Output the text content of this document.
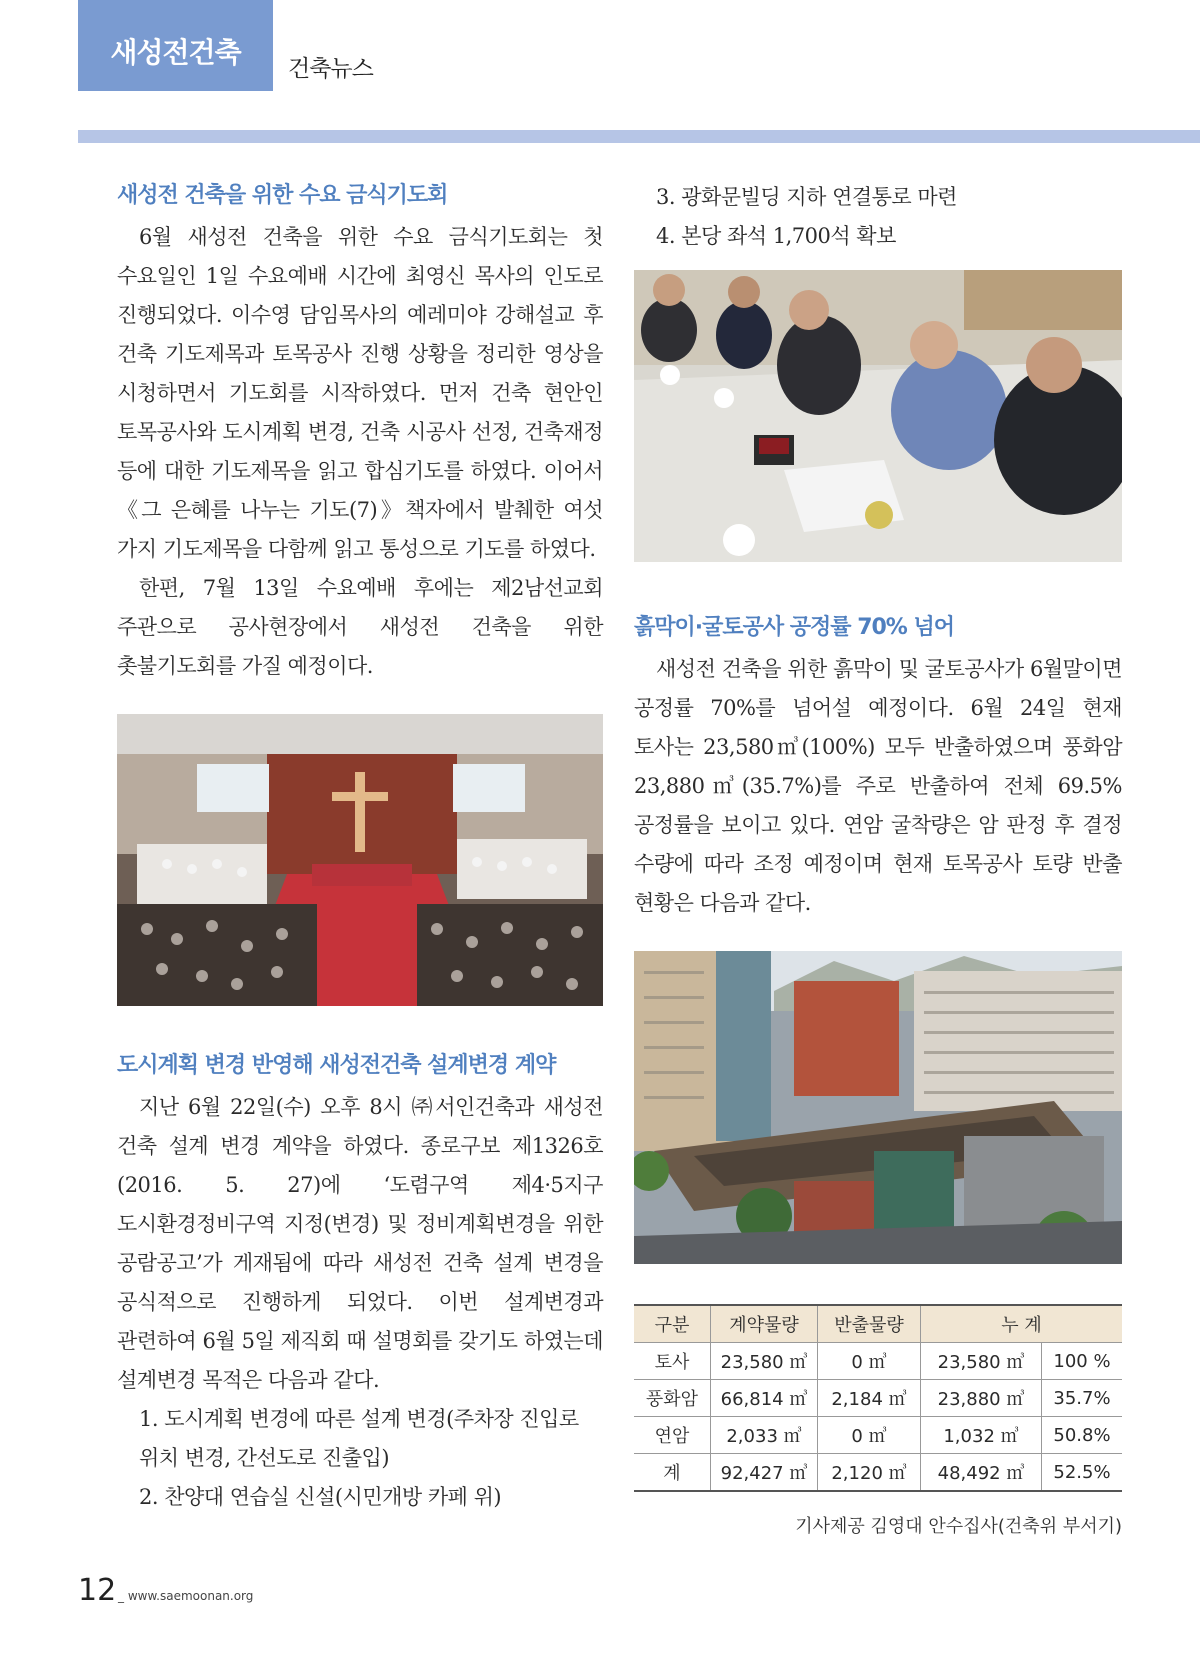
새성전건축
건축뉴스
새성전 건축을 위한 수요 금식기도회

6월 새성전 건축을 위한 수요 금식기도회는 첫 수요일인 1일 수요예배 시간에 최영신 목사의 인도로 진행되었다. 이수영 담임목사의 예레미야 강해설교 후 건축 기도제목과 토목공사 진행 상황을 정리한 영상을 시청하면서 기도회를 시작하였다. 먼저 건축 현안인 토목공사와 도시계획 변경, 건축 시공사 선정, 건축재정 등에 대한 기도제목을 읽고 합심기도를 하였다. 이어서《그 은혜를 나누는 기도(7)》책자에서 발췌한 여섯 가지 기도제목을 다함께 읽고 통성으로 기도를 하였다.

한편, 7월 13일 수요예배 후에는 제2남선교회 주관으로 공사현장에서 새성전 건축을 위한 촛불기도회를 가질 예정이다.

도시계획 변경 반영해 새성전건축 설계변경 계약

지난 6월 22일(수) 오후 8시 ㈜서인건축과 새성전 건축 설계 변경 계약을 하였다. 종로구보 제1326호(2016. 5. 27)에 ‘도렴구역 제4·5지구 도시환경정비구역 지정(변경) 및 정비계획변경을 위한 공람공고’가 게재됨에 따라 새성전 건축 설계 변경을 공식적으로 진행하게 되었다. 이번 설계변경과 관련하여 6월 5일 제직회 때 설명회를 갖기도 하였는데 설계변경 목적은 다음과 같다.

1. 도시계획 변경에 따른 설계 변경(주차장 진입로 위치 변경, 간선도로 진출입)

2. 찬양대 연습실 신설(시민개방 카페 위)

3. 광화문빌딩 지하 연결통로 마련

4. 본당 좌석 1,700석 확보

흙막이·굴토공사 공정률 70% 넘어

새성전 건축을 위한 흙막이 및 굴토공사가 6월말이면 공정률 70%를 넘어설 예정이다. 6월 24일 현재 토사는 23,580㎥(100%) 모두 반출하였으며 풍화암 23,880㎥(35.7%)를 주로 반출하여 전체 69.5% 공정률을 보이고 있다. 연암 굴착량은 암 판정 후 결정 수량에 따라 조정 예정이며 현재 토목공사 토량 반출 현황은 다음과 같다.

구분	계약물량	반출물량	누 계	
토사	23,580 ㎥	0 ㎥	23,580 ㎥	100 %
풍화암	66,814 ㎥	2,184 ㎥	23,880 ㎥	35.7%
연암	2,033 ㎥	0 ㎥	1,032 ㎥	50.8%
계	92,427 ㎥	2,120 ㎥	48,492 ㎥	52.5%
기사제공 김영대 안수집사(건축위 부서기)
12 _ www.saemoonan.org
